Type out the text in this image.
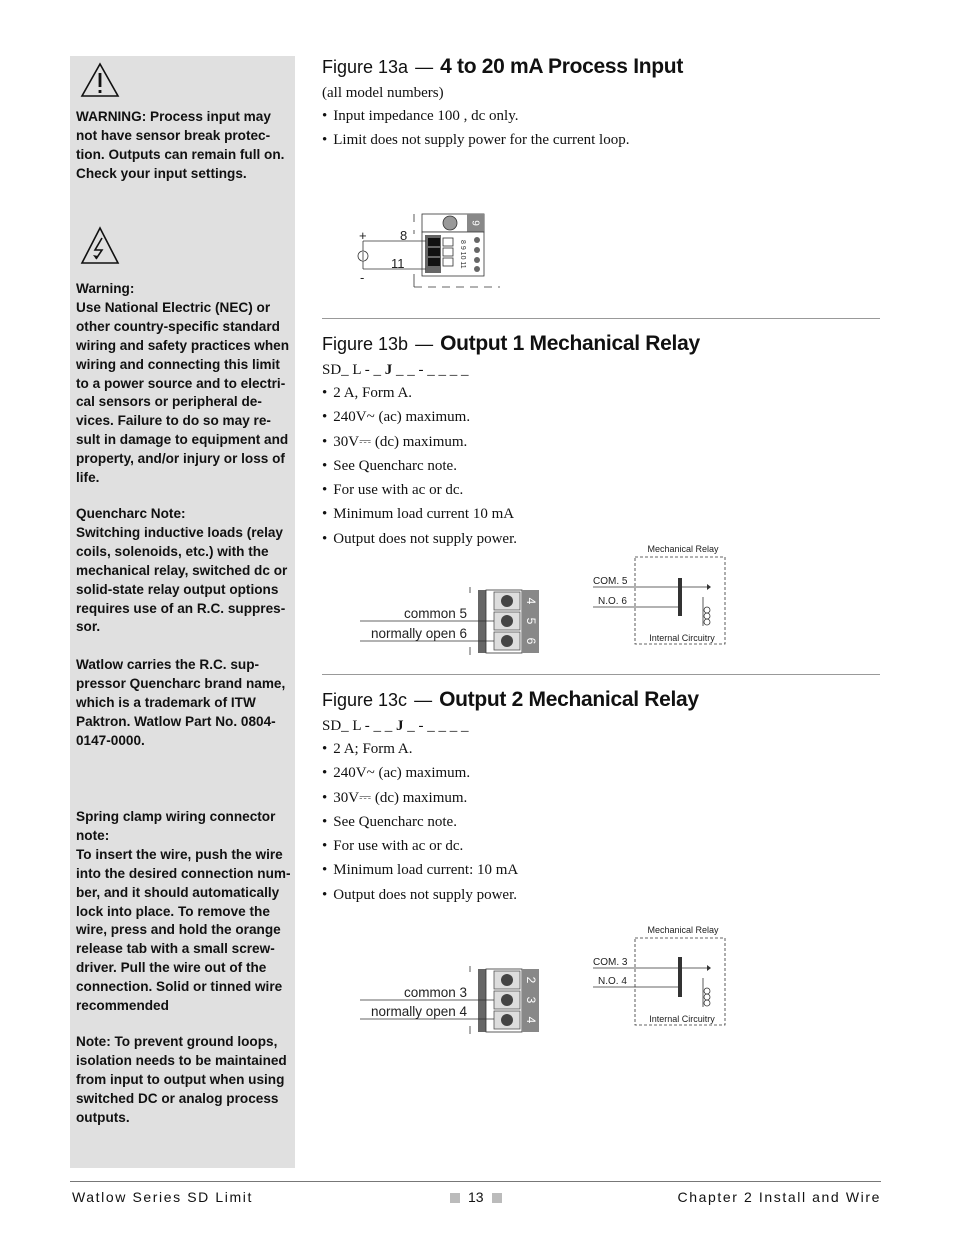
WARNING: Process input may not have sensor break protec-tion. Outputs can remain full on. Check your input settings.

Warning:

Use National Electric (NEC) or other country-specific standard wiring and safety practices when wiring and connecting this limit to a power source and to electri-cal sensors or peripheral de-vices. Failure to do so may re-sult in damage to equipment and property, and/or injury or loss of life.

Quencharc Note:

Switching inductive loads (relay coils, solenoids, etc.) with the mechanical relay, switched dc or solid-state relay output options requires use of an R.C. suppres-sor.

Watlow carries the R.C. sup-pressor Quencharc brand name, which is a trademark of ITW Paktron. Watlow Part No. 0804-0147-0000.

Spring clamp wiring connector note:

To insert the wire, push the wire into the desired connection num-ber, and it should automatically lock into place. To remove the wire, press and hold the orange release tab with a small screw-driver. Pull the wire out of the connection. Solid or tinned wire recommended

Note: To prevent ground loops, isolation needs to be maintained from input to output when using switched DC or analog process outputs.

Figure 13a — 4 to 20 mA Process Input
(all model numbers)
• Input impedance 100 , dc only.
• Limit does not supply power for the current loop.
9
8 9 10 11
+
-
8
11
Figure 13b — Output 1 Mechanical Relay
SD_ L - _ J _ _ - _ _ _ _
• 2 A, Form A.
• 240V~ (ac) maximum.
• 30V⎓ (dc) maximum.
• See Quencharc note.
• For use with ac or dc.
• Minimum load current 10 mA
• Output does not supply power.
4
5
6
common 5
normally open 6
Mechanical Relay
COM. 5
N.O. 6
Internal Circuitry
Figure 13c — Output 2 Mechanical Relay
SD_ L - _ _ J _ - _ _ _ _
• 2 A; Form A.
• 240V~ (ac) maximum.
• 30V⎓ (dc) maximum.
• See Quencharc note.
• For use with ac or dc.
• Minimum load current: 10 mA
• Output does not supply power.
2
3
4
common 3
normally open 4
Mechanical Relay
COM. 3
N.O. 4
Internal Circuitry
Watlow Series SD Limit	13	Chapter 2 Install and Wire
